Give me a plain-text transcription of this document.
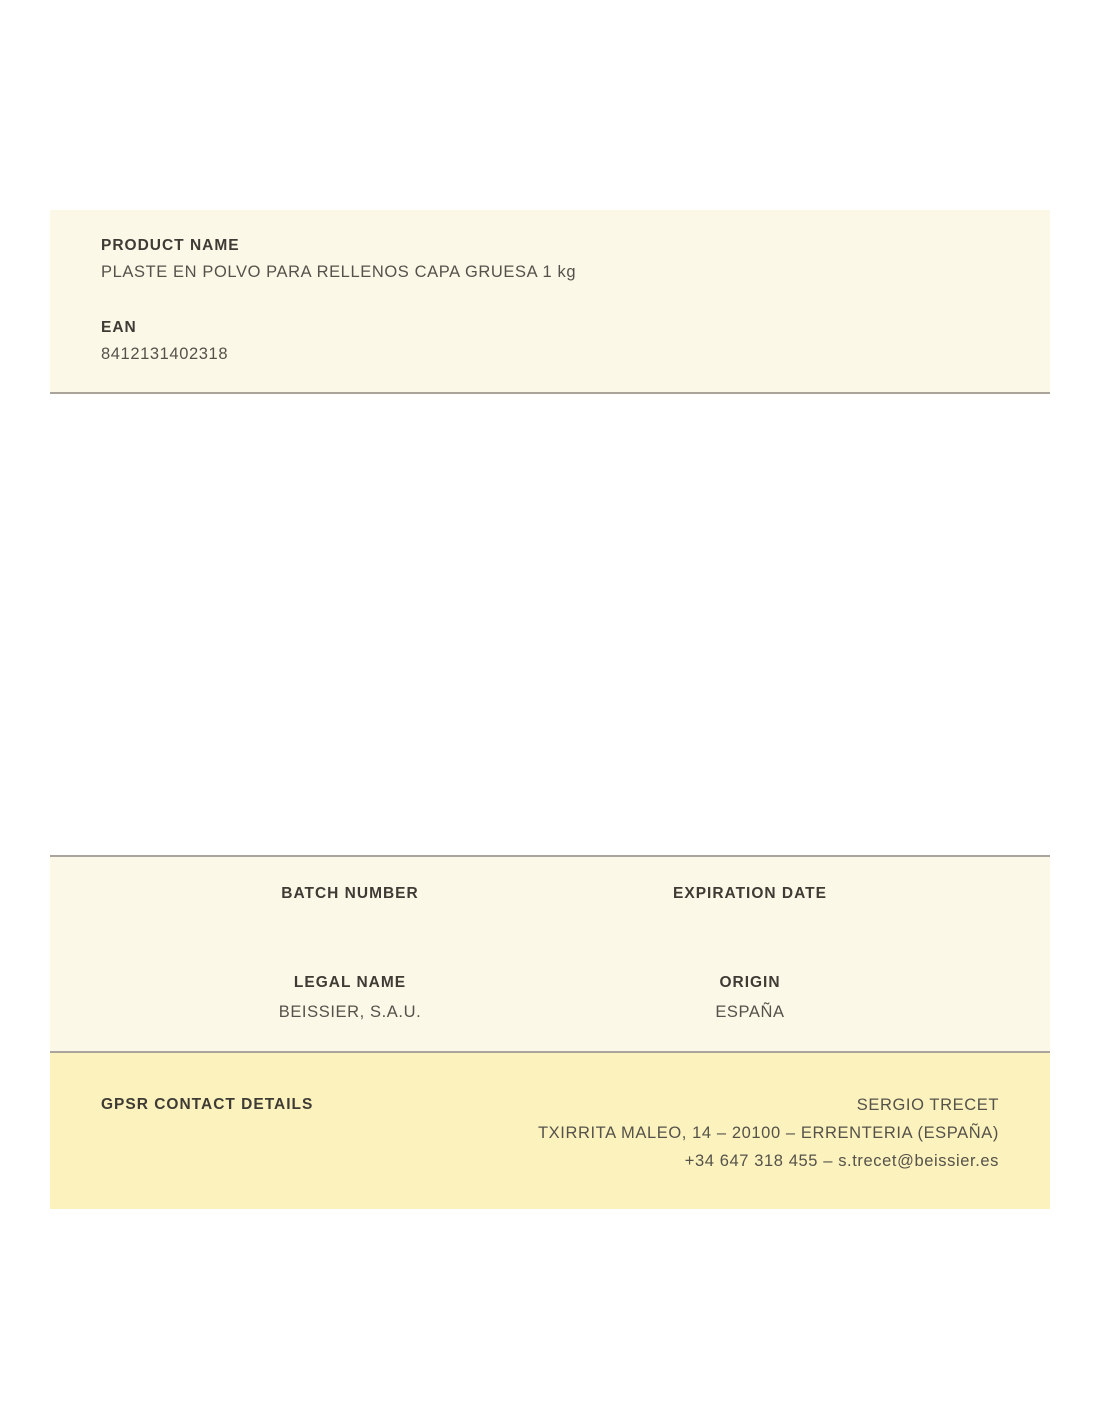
PRODUCT NAME
PLASTE EN POLVO PARA RELLENOS CAPA GRUESA 1 kg
EAN
8412131402318
BATCH NUMBER	EXPIRATION DATE
LEGAL NAME
BEISSIER, S.A.U.
ORIGIN
ESPAÑA
GPSR CONTACT DETAILS	SERGIO TRECET
TXIRRITA MALEO, 14 – 20100 – ERRENTERIA (ESPAÑA)
+34 647 318 455 – s.trecet@beissier.es
